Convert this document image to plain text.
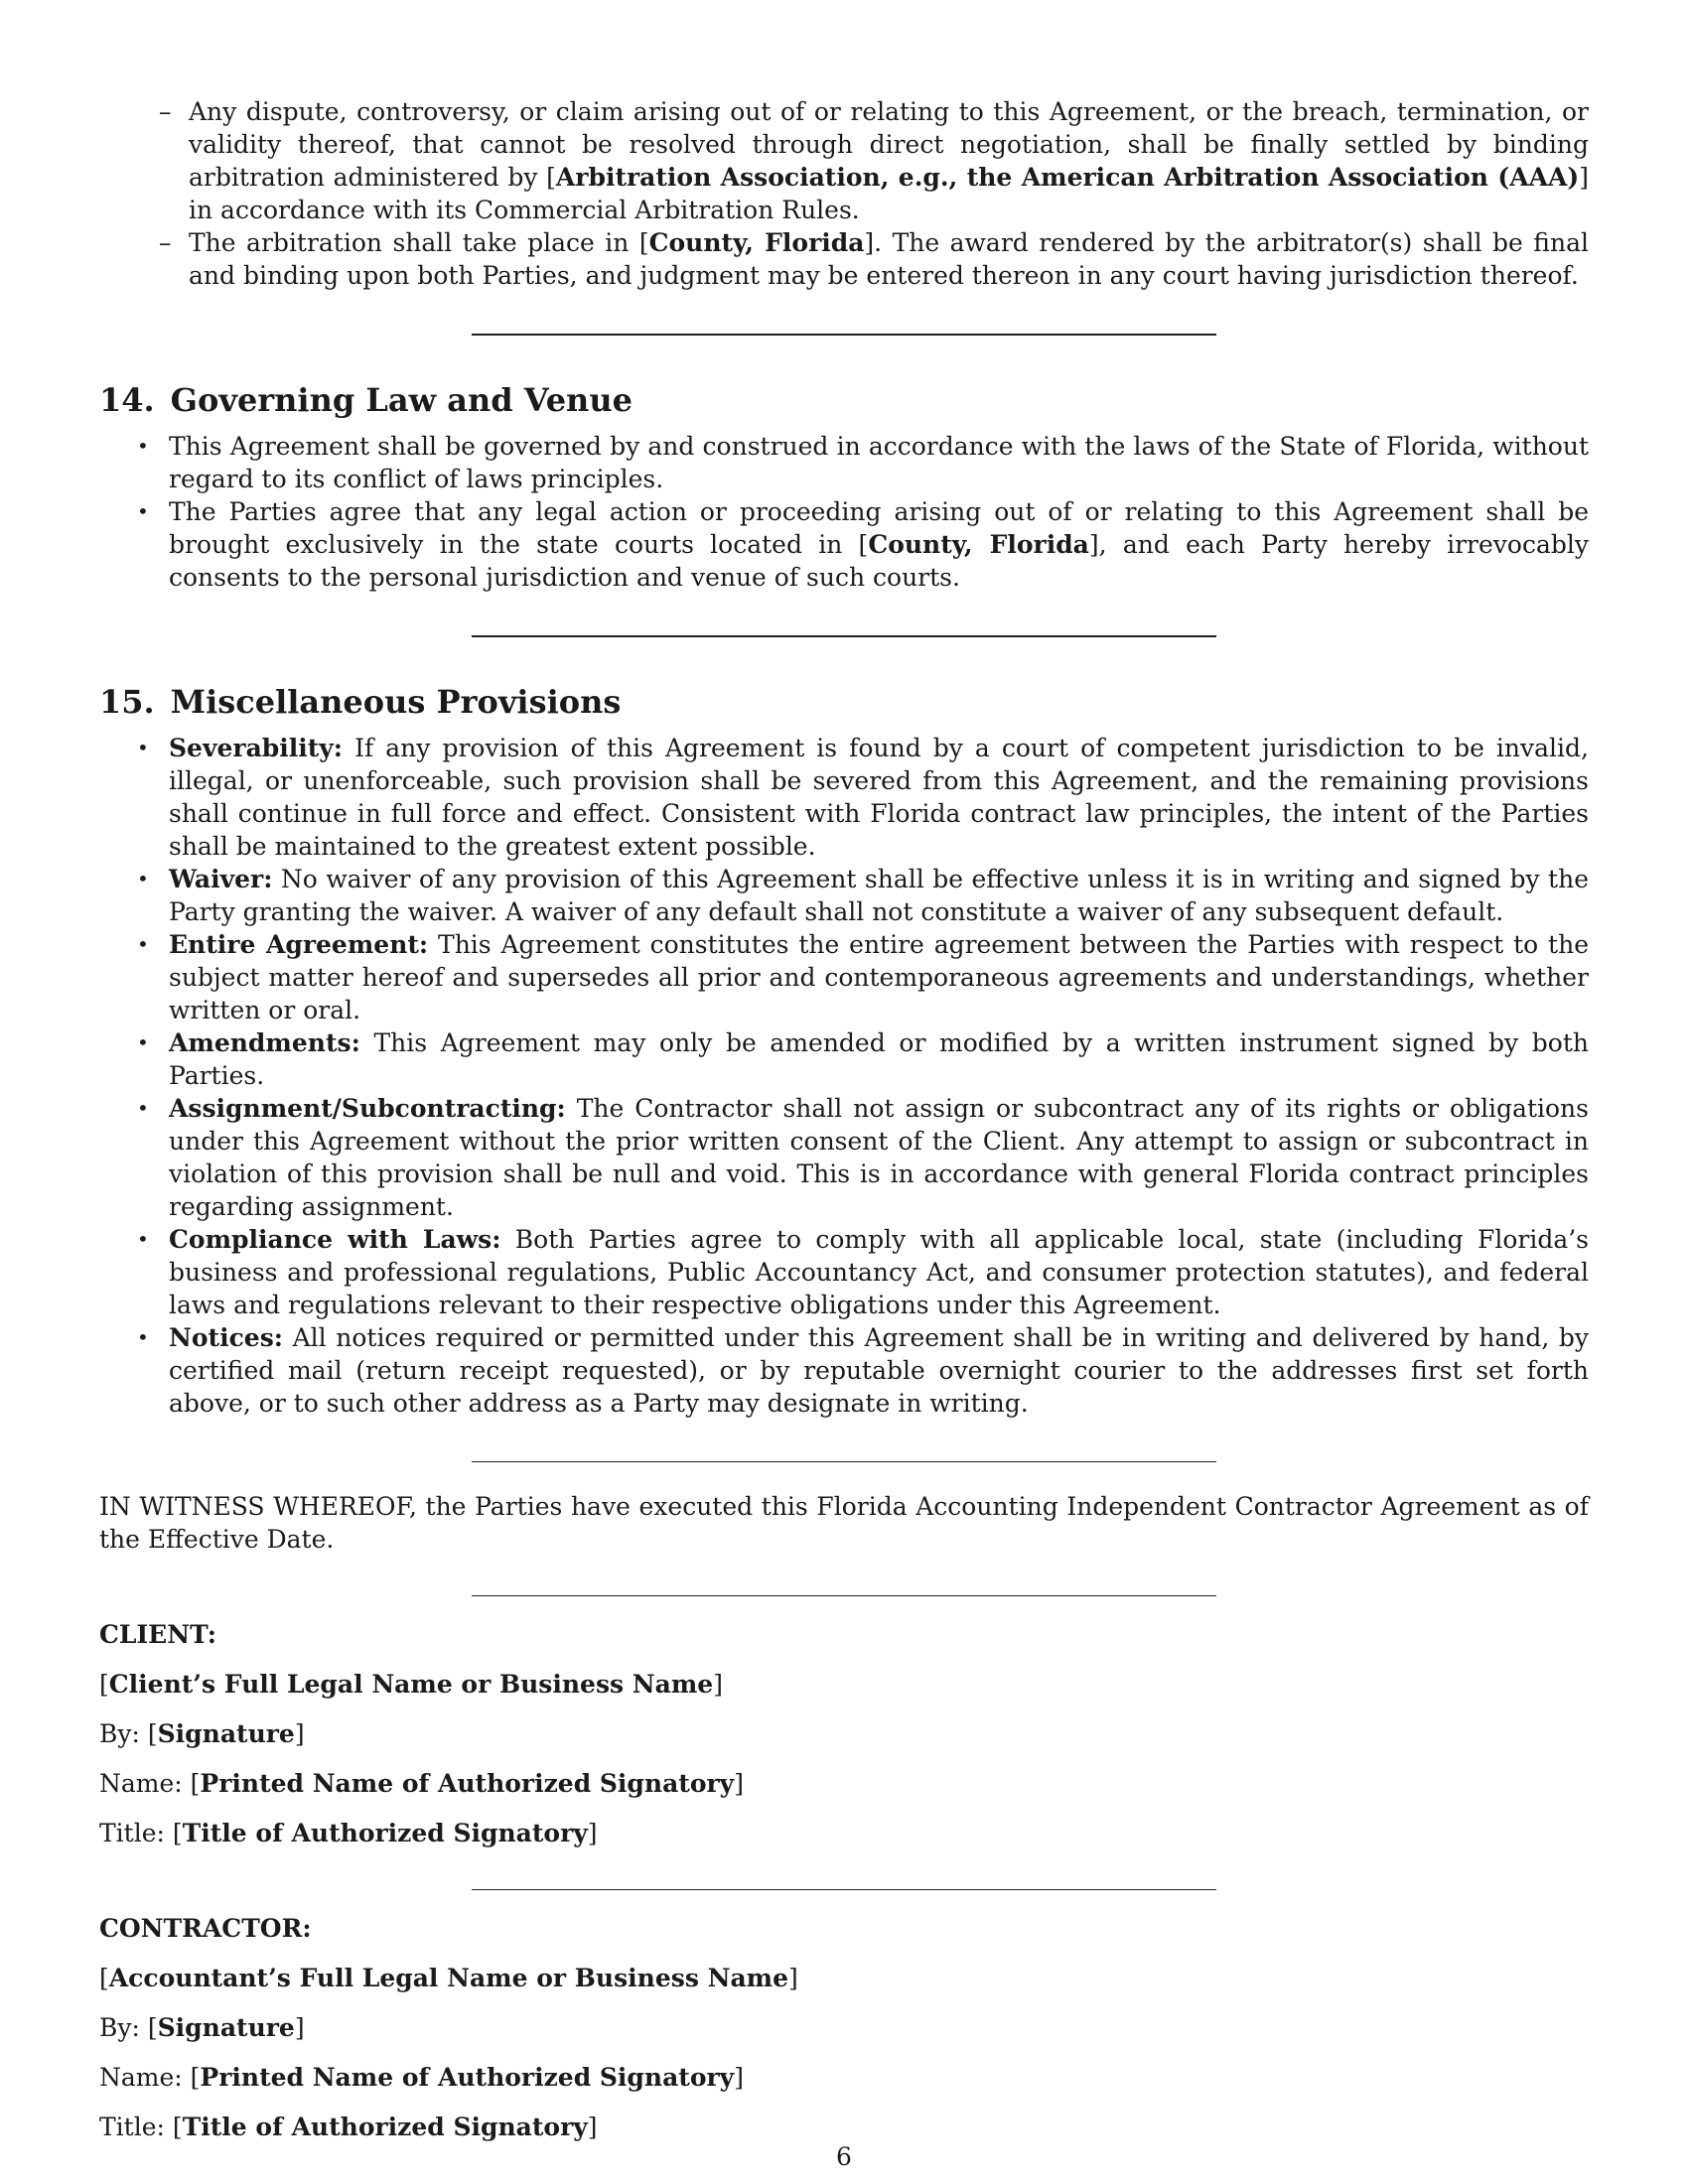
– Any dispute, controversy, or claim arising out of or relating to this Agreement, or the breach, termination, or validity thereof, that cannot be resolved through direct negotiation, shall be finally settled by binding arbitration administered by [Arbitration Association, e.g., the American Arbitration Association (AAA)] in accordance with its Commercial Arbitration Rules.
– The arbitration shall take place in [County, Florida]. The award rendered by the arbitrator(s) shall be final and binding upon both Parties, and judgment may be entered thereon in any court having jurisdiction thereof.
14. Governing Law and Venue
• This Agreement shall be governed by and construed in accordance with the laws of the State of Florida, without regard to its conflict of laws principles.
• The Parties agree that any legal action or proceeding arising out of or relating to this Agreement shall be brought exclusively in the state courts located in [County, Florida], and each Party hereby irrevocably consents to the personal jurisdiction and venue of such courts.
15. Miscellaneous Provisions
• Severability: If any provision of this Agreement is found by a court of competent jurisdiction to be invalid, illegal, or unenforceable, such provision shall be severed from this Agreement, and the remaining provisions shall continue in full force and effect. Consistent with Florida contract law principles, the intent of the Parties shall be maintained to the greatest extent possible.
• Waiver: No waiver of any provision of this Agreement shall be effective unless it is in writing and signed by the Party granting the waiver. A waiver of any default shall not constitute a waiver of any subsequent default.
• Entire Agreement: This Agreement constitutes the entire agreement between the Parties with respect to the subject matter hereof and supersedes all prior and contemporaneous agreements and understandings, whether written or oral.
• Amendments: This Agreement may only be amended or modified by a written instrument signed by both Parties.
• Assignment/Subcontracting: The Contractor shall not assign or subcontract any of its rights or obligations under this Agreement without the prior written consent of the Client. Any attempt to assign or subcontract in violation of this provision shall be null and void. This is in accordance with general Florida contract principles regarding assignment.
• Compliance with Laws: Both Parties agree to comply with all applicable local, state (including Florida’s business and professional regulations, Public Accountancy Act, and consumer protection statutes), and federal laws and regulations relevant to their respective obligations under this Agreement.
• Notices: All notices required or permitted under this Agreement shall be in writing and delivered by hand, by certified mail (return receipt requested), or by reputable overnight courier to the addresses first set forth above, or to such other address as a Party may designate in writing.

IN WITNESS WHEREOF, the Parties have executed this Florida Accounting Independent Contractor Agreement as of the Effective Date.

CLIENT:

[Client’s Full Legal Name or Business Name]

By: [Signature]

Name: [Printed Name of Authorized Signatory]

Title: [Title of Authorized Signatory]

CONTRACTOR:

[Accountant’s Full Legal Name or Business Name]

By: [Signature]

Name: [Printed Name of Authorized Signatory]

Title: [Title of Authorized Signatory]

6
